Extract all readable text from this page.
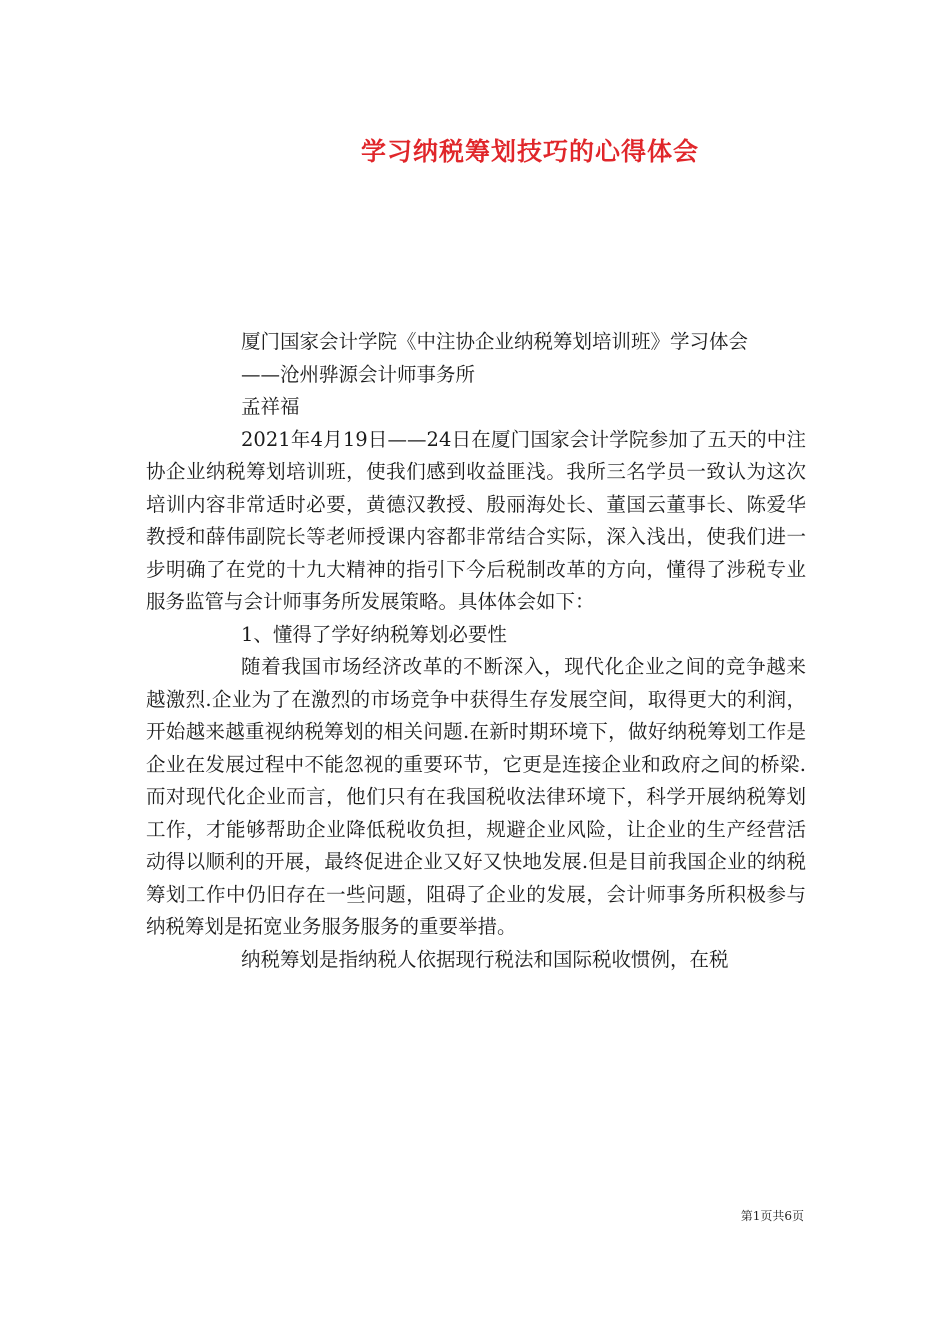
学习纳税筹划技巧的心得体会

厦门国家会计学院《中注协企业纳税筹划培训班》学习体会

——沧州骅源会计师事务所

孟祥福

2021年4月19日——24日在厦门国家会计学院参加了五天的中注协企业纳税筹划培训班，使我们感到收益匪浅。我所三名学员一致认为这次培训内容非常适时必要，黄德汉教授、殷丽海处长、董国云董事长、陈爱华教授和薛伟副院长等老师授课内容都非常结合实际，深入浅出，使我们进一步明确了在党的十九大精神的指引下今后税制改革的方向，懂得了涉税专业服务监管与会计师事务所发展策略。具体体会如下：

1、懂得了学好纳税筹划必要性

随着我国市场经济改革的不断深入，现代化企业之间的竞争越来越激烈.企业为了在激烈的市场竞争中获得生存发展空间，取得更大的利润，开始越来越重视纳税筹划的相关问题.在新时期环境下，做好纳税筹划工作是企业在发展过程中不能忽视的重要环节，它更是连接企业和政府之间的桥梁.而对现代化企业而言，他们只有在我国税收法律环境下，科学开展纳税筹划工作，才能够帮助企业降低税收负担，规避企业风险，让企业的生产经营活动得以顺利的开展，最终促进企业又好又快地发展.但是目前我国企业的纳税筹划工作中仍旧存在一些问题，阻碍了企业的发展，会计师事务所积极参与纳税筹划是拓宽业务服务服务的重要举措。

纳税筹划是指纳税人依据现行税法和国际税收惯例，在税

第1页共6页
